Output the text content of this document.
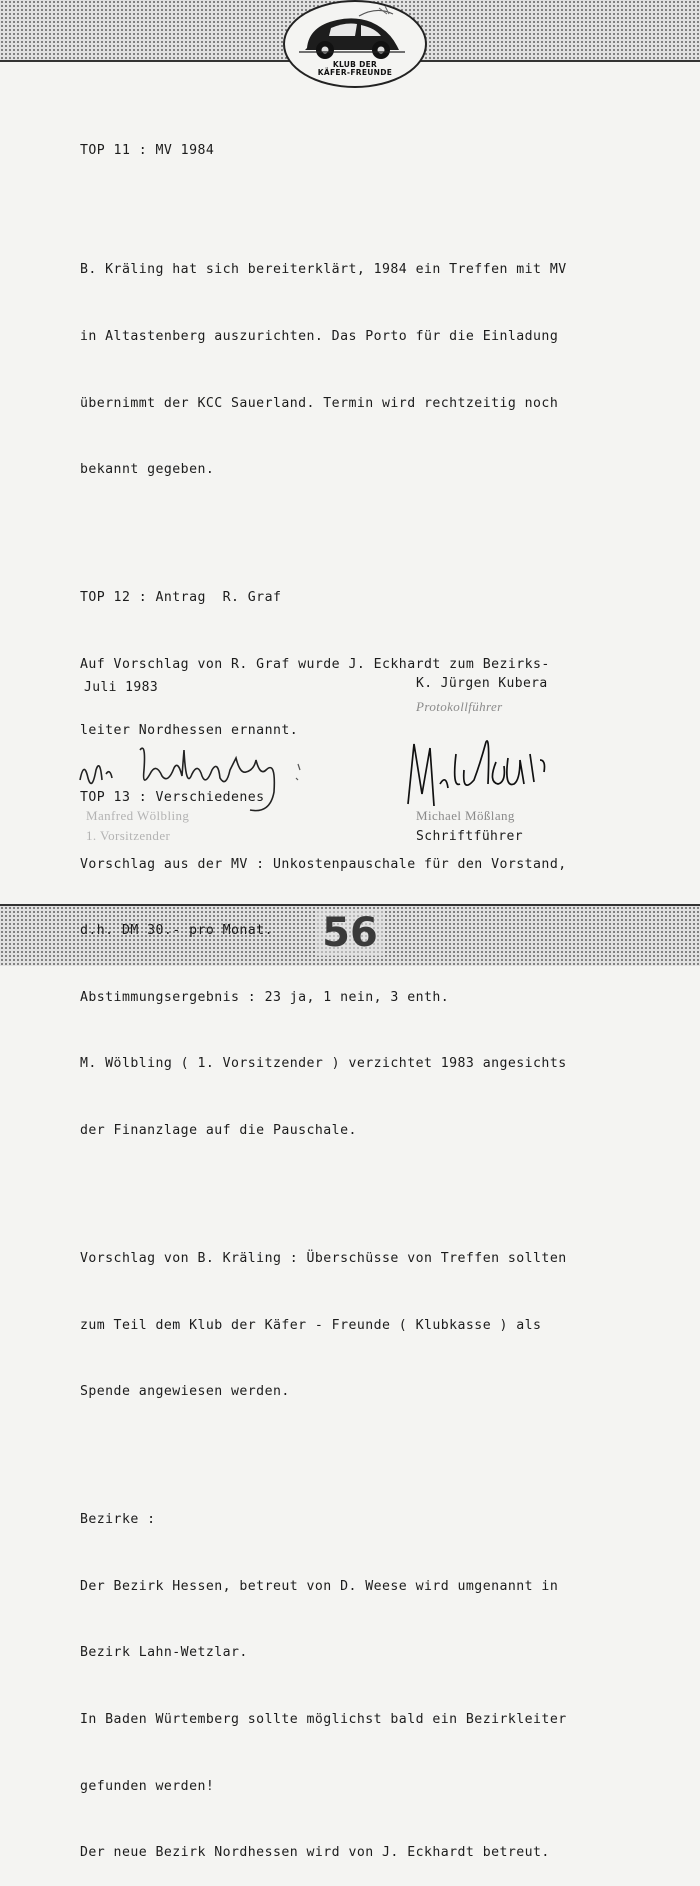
KLUB DER
KÄFER-FREUNDE

TOP 11 : MV 1984

B. Kräling hat sich bereiterklärt, 1984 ein Treffen mit MV

in Altastenberg auszurichten. Das Porto für die Einladung

übernimmt der KCC Sauerland. Termin wird rechtzeitig noch

bekannt gegeben.

TOP 12 : Antrag  R. Graf

Auf Vorschlag von R. Graf wurde J. Eckhardt zum Bezirks-

leiter Nordhessen ernannt.

TOP 13 : Verschiedenes

Vorschlag aus der MV : Unkostenpauschale für den Vorstand,

d.h. DM 30.- pro Monat.

Abstimmungsergebnis : 23 ja, 1 nein, 3 enth.

M. Wölbling ( 1. Vorsitzender ) verzichtet 1983 angesichts

der Finanzlage auf die Pauschale.

Vorschlag von B. Kräling : Überschüsse von Treffen sollten

zum Teil dem Klub der Käfer - Freunde ( Klubkasse ) als

Spende angewiesen werden.

Bezirke :

Der Bezirk Hessen, betreut von D. Weese wird umgenannt in

Bezirk Lahn-Wetzlar.

In Baden Würtemberg sollte möglichst bald ein Bezirkleiter

gefunden werden!

Der neue Bezirk Nordhessen wird von J. Eckhardt betreut.

Juli 1983	K. Jürgen Kubera
Protokollführer
Manfred Wölbling
1. Vorsitzender
Michael Mößlang
Schriftführer
56
